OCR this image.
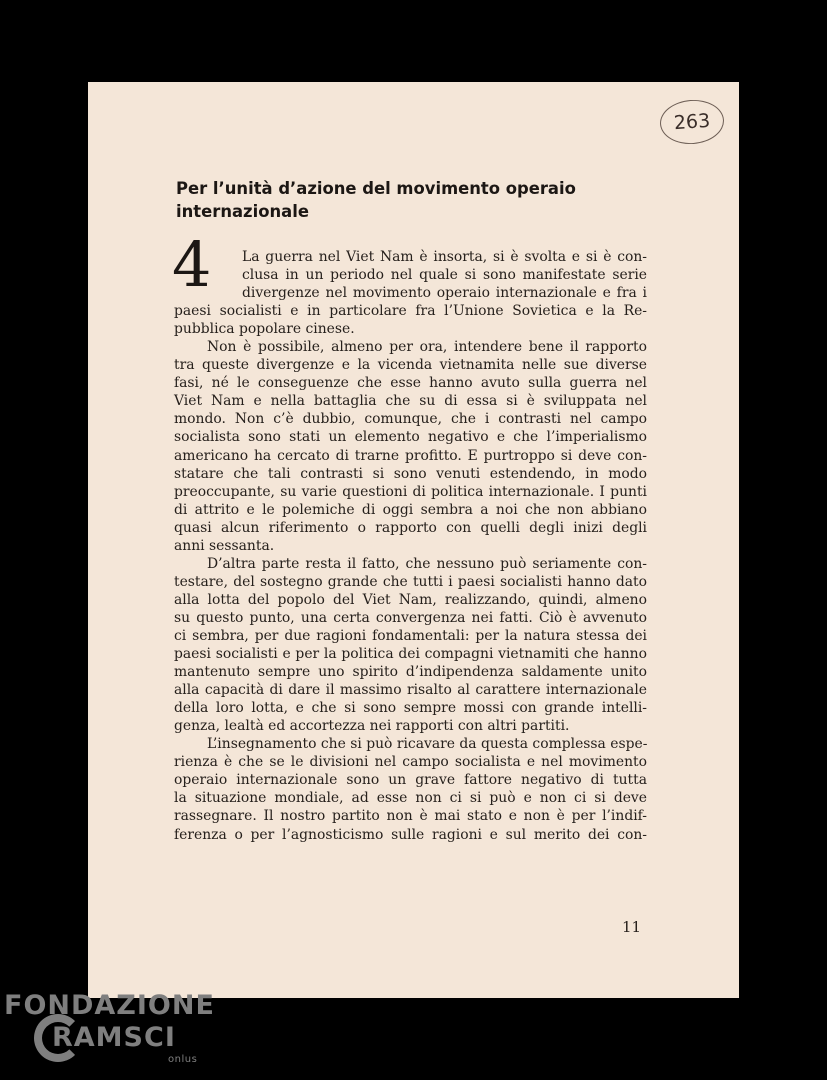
263
Per l’unità d’azione del movimento operaio
internazionale
4	La guerra nel Viet Nam è insorta, si è svolta e si è con-
clusa in un periodo nel quale si sono manifestate serie
divergenze nel movimento operaio internazionale e fra i
paesi socialisti e in particolare fra l’Unione Sovietica e la Re-
pubblica popolare cinese.
Non è possibile, almeno per ora, intendere bene il rapporto
tra queste divergenze e la vicenda vietnamita nelle sue diverse
fasi, né le conseguenze che esse hanno avuto sulla guerra nel
Viet Nam e nella battaglia che su di essa si è sviluppata nel
mondo. Non c’è dubbio, comunque, che i contrasti nel campo
socialista sono stati un elemento negativo e che l’imperialismo
americano ha cercato di trarne profitto. E purtroppo si deve con-
statare che tali contrasti si sono venuti estendendo, in modo
preoccupante, su varie questioni di politica internazionale. I punti
di attrito e le polemiche di oggi sembra a noi che non abbiano
quasi alcun riferimento o rapporto con quelli degli inizi degli
anni sessanta.
D’altra parte resta il fatto, che nessuno può seriamente con-
testare, del sostegno grande che tutti i paesi socialisti hanno dato
alla lotta del popolo del Viet Nam, realizzando, quindi, almeno
su questo punto, una certa convergenza nei fatti. Ciò è avvenuto
ci sembra, per due ragioni fondamentali: per la natura stessa dei
paesi socialisti e per la politica dei compagni vietnamiti che hanno
mantenuto sempre uno spirito d’indipendenza saldamente unito
alla capacità di dare il massimo risalto al carattere internazionale
della loro lotta, e che si sono sempre mossi con grande intelli-
genza, lealtà ed accortezza nei rapporti con altri partiti.
L’insegnamento che si può ricavare da questa complessa espe-
rienza è che se le divisioni nel campo socialista e nel movimento
operaio internazionale sono un grave fattore negativo di tutta
la situazione mondiale, ad esse non ci si può e non ci si deve
rassegnare. Il nostro partito non è mai stato e non è per l’indif-
ferenza o per l’agnosticismo sulle ragioni e sul merito dei con-
11
FONDAZIONE
RAMSCI
onlus
